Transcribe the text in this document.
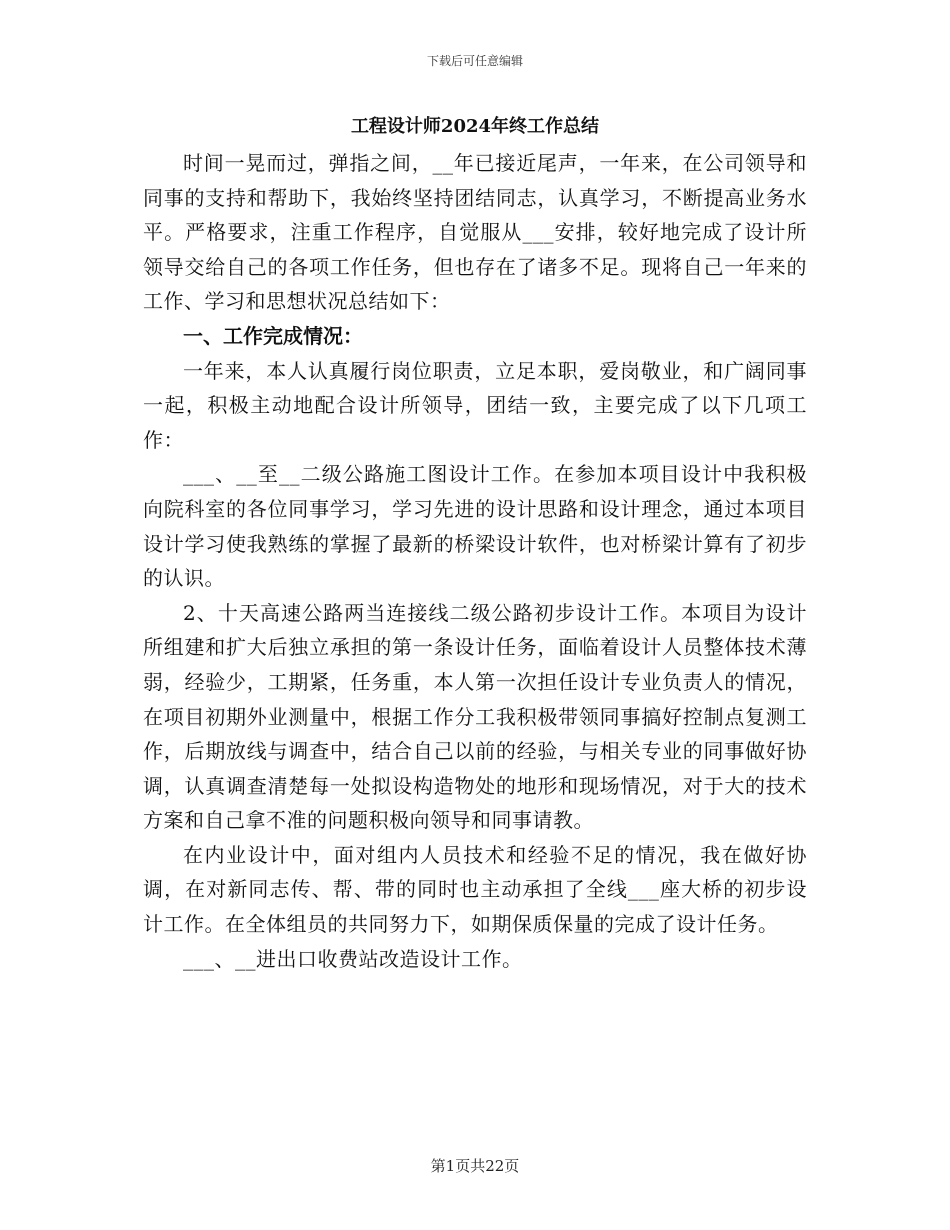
下载后可任意编辑
工程设计师2024年终工作总结

时间一晃而过，弹指之间，__年已接近尾声，一年来，在公司领导和同事的支持和帮助下，我始终坚持团结同志，认真学习，不断提高业务水平。严格要求，注重工作程序，自觉服从___安排，较好地完成了设计所领导交给自己的各项工作任务，但也存在了诸多不足。现将自己一年来的工作、学习和思想状况总结如下：

一、工作完成情况：

一年来，本人认真履行岗位职责，立足本职，爱岗敬业，和广阔同事一起，积极主动地配合设计所领导，团结一致，主要完成了以下几项工作：

___、__至__二级公路施工图设计工作。在参加本项目设计中我积极向院科室的各位同事学习，学习先进的设计思路和设计理念，通过本项目设计学习使我熟练的掌握了最新的桥梁设计软件，也对桥梁计算有了初步的认识。

2、十天高速公路两当连接线二级公路初步设计工作。本项目为设计所组建和扩大后独立承担的第一条设计任务，面临着设计人员整体技术薄弱，经验少，工期紧，任务重，本人第一次担任设计专业负责人的情况，在项目初期外业测量中，根据工作分工我积极带领同事搞好控制点复测工作，后期放线与调查中，结合自己以前的经验，与相关专业的同事做好协调，认真调查清楚每一处拟设构造物处的地形和现场情况，对于大的技术方案和自己拿不准的问题积极向领导和同事请教。

在内业设计中，面对组内人员技术和经验不足的情况，我在做好协调，在对新同志传、帮、带的同时也主动承担了全线___座大桥的初步设计工作。在全体组员的共同努力下，如期保质保量的完成了设计任务。

___、__进出口收费站改造设计工作。

第1页共22页
